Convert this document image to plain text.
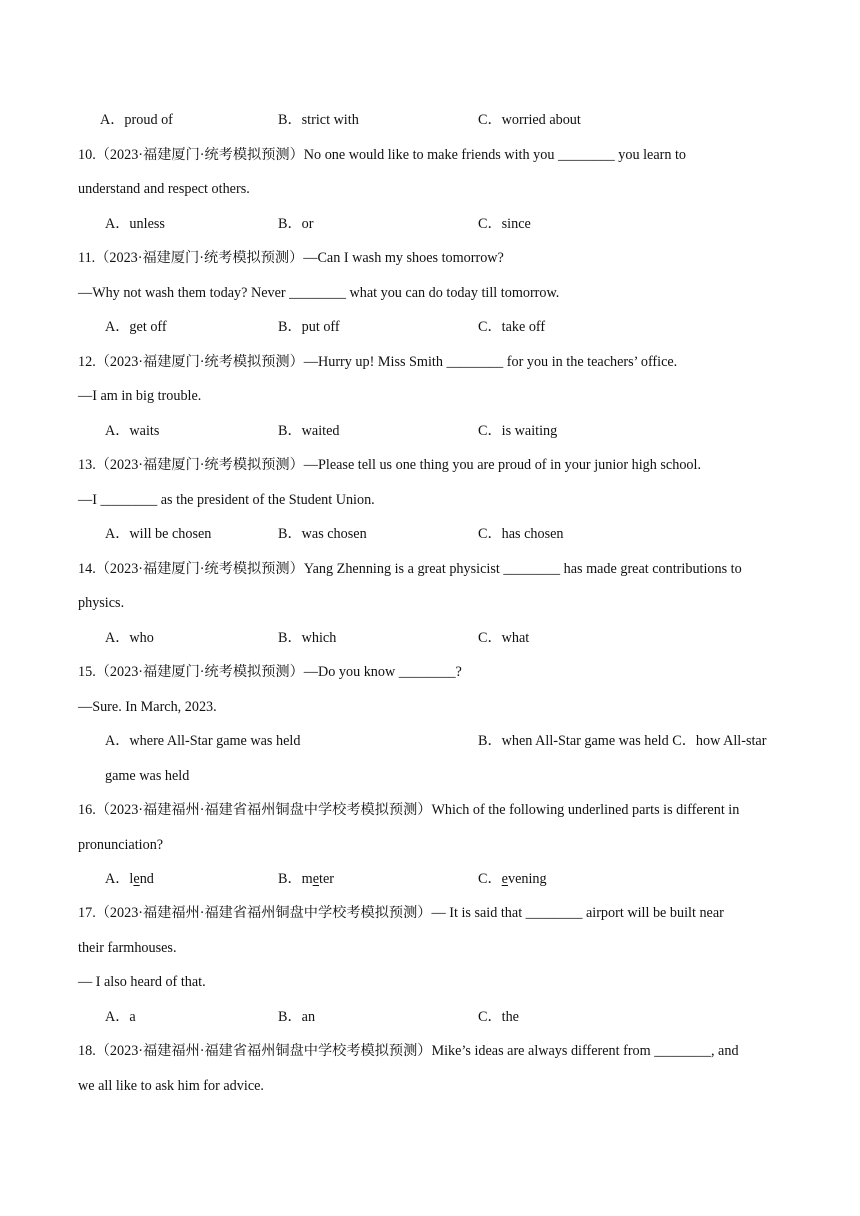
A．proud of	B．strict with	C．worried about
10.（2023·福建厦门·统考模拟预测）No one would like to make friends with you ________ you learn to
understand and respect others.
A．unless	B．or	C．since
11.（2023·福建厦门·统考模拟预测）—Can I wash my shoes tomorrow?
—Why not wash them today? Never ________ what you can do today till tomorrow.
A．get off	B．put off	C．take off
12.（2023·福建厦门·统考模拟预测）—Hurry up! Miss Smith ________ for you in the teachers’ office.
—I am in big trouble.
A．waits	B．waited	C．is waiting
13.（2023·福建厦门·统考模拟预测）—Please tell us one thing you are proud of in your junior high school.
—I ________ as the president of the Student Union.
A．will be chosen	B．was chosen	C．has chosen
14.（2023·福建厦门·统考模拟预测）Yang Zhenning is a great physicist ________ has made great contributions to
physics.
A．who	B．which	C．what
15.（2023·福建厦门·统考模拟预测）—Do you know ________?
—Sure. In March, 2023.
A．where All-Star game was held	B．when All-Star game was held C．how All-star
game was held
16.（2023·福建福州·福建省福州铜盘中学校考模拟预测）Which of the following underlined parts is different in
pronunciation?
A．lend	B．meter	C．evening
17.（2023·福建福州·福建省福州铜盘中学校考模拟预测）— It is said that ________ airport will be built near
their farmhouses.
— I also heard of that.
A．a	B．an	C．the
18.（2023·福建福州·福建省福州铜盘中学校考模拟预测）Mike’s ideas are always different from ________, and
we all like to ask him for advice.
